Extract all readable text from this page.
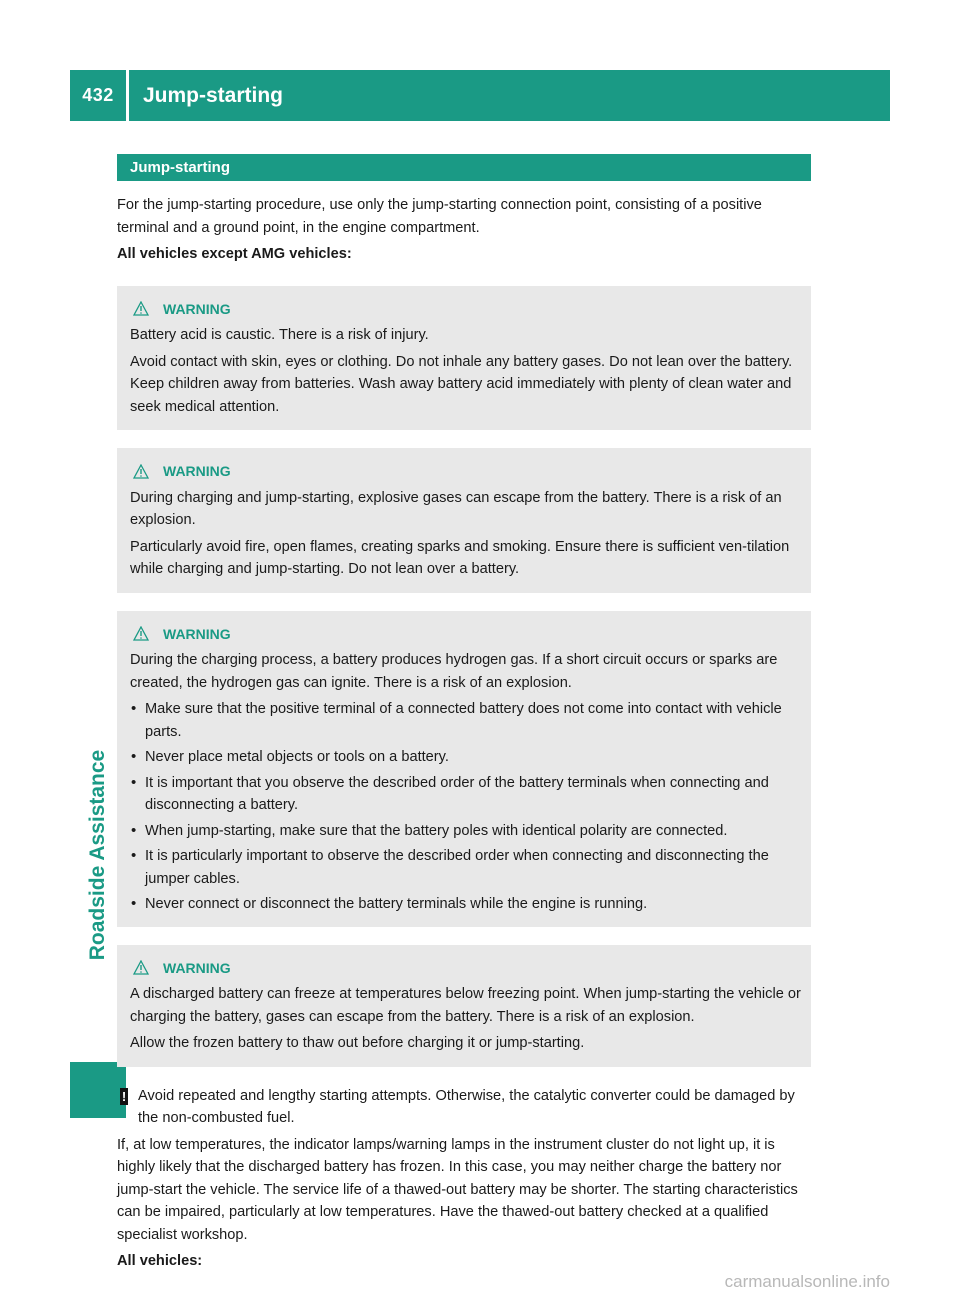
432	Jump-starting
Roadside Assistance
Jump-starting

For the jump-starting procedure, use only the jump-starting connection point, consisting of a positive terminal and a ground point, in the engine compartment.

All vehicles except AMG vehicles:

WARNING

Battery acid is caustic. There is a risk of injury.

Avoid contact with skin, eyes or clothing. Do not inhale any battery gases. Do not lean over the battery. Keep children away from batteries. Wash away battery acid immediately with plenty of clean water and seek medical attention.

WARNING

During charging and jump-starting, explosive gases can escape from the battery. There is a risk of an explosion.

Particularly avoid fire, open flames, creating sparks and smoking. Ensure there is sufficient ven-tilation while charging and jump-starting. Do not lean over a battery.

WARNING

During the charging process, a battery produces hydrogen gas. If a short circuit occurs or sparks are created, the hydrogen gas can ignite. There is a risk of an explosion.

• Make sure that the positive terminal of a connected battery does not come into contact with vehicle parts.
• Never place metal objects or tools on a battery.
• It is important that you observe the described order of the battery terminals when connecting and disconnecting a battery.
• When jump-starting, make sure that the battery poles with identical polarity are connected.
• It is particularly important to observe the described order when connecting and disconnecting the jumper cables.
• Never connect or disconnect the battery terminals while the engine is running.
WARNING

A discharged battery can freeze at temperatures below freezing point. When jump-starting the vehicle or charging the battery, gases can escape from the battery. There is a risk of an explosion.

Allow the frozen battery to thaw out before charging it or jump-starting.

! Avoid repeated and lengthy starting attempts. Otherwise, the catalytic converter could be damaged by the non-combusted fuel.

If, at low temperatures, the indicator lamps/warning lamps in the instrument cluster do not light up, it is highly likely that the discharged battery has frozen. In this case, you may neither charge the battery nor jump-start the vehicle. The service life of a thawed-out battery may be shorter. The starting characteristics can be impaired, particularly at low temperatures. Have the thawed-out battery checked at a qualified specialist workshop.

All vehicles:

carmanualsonline.info
